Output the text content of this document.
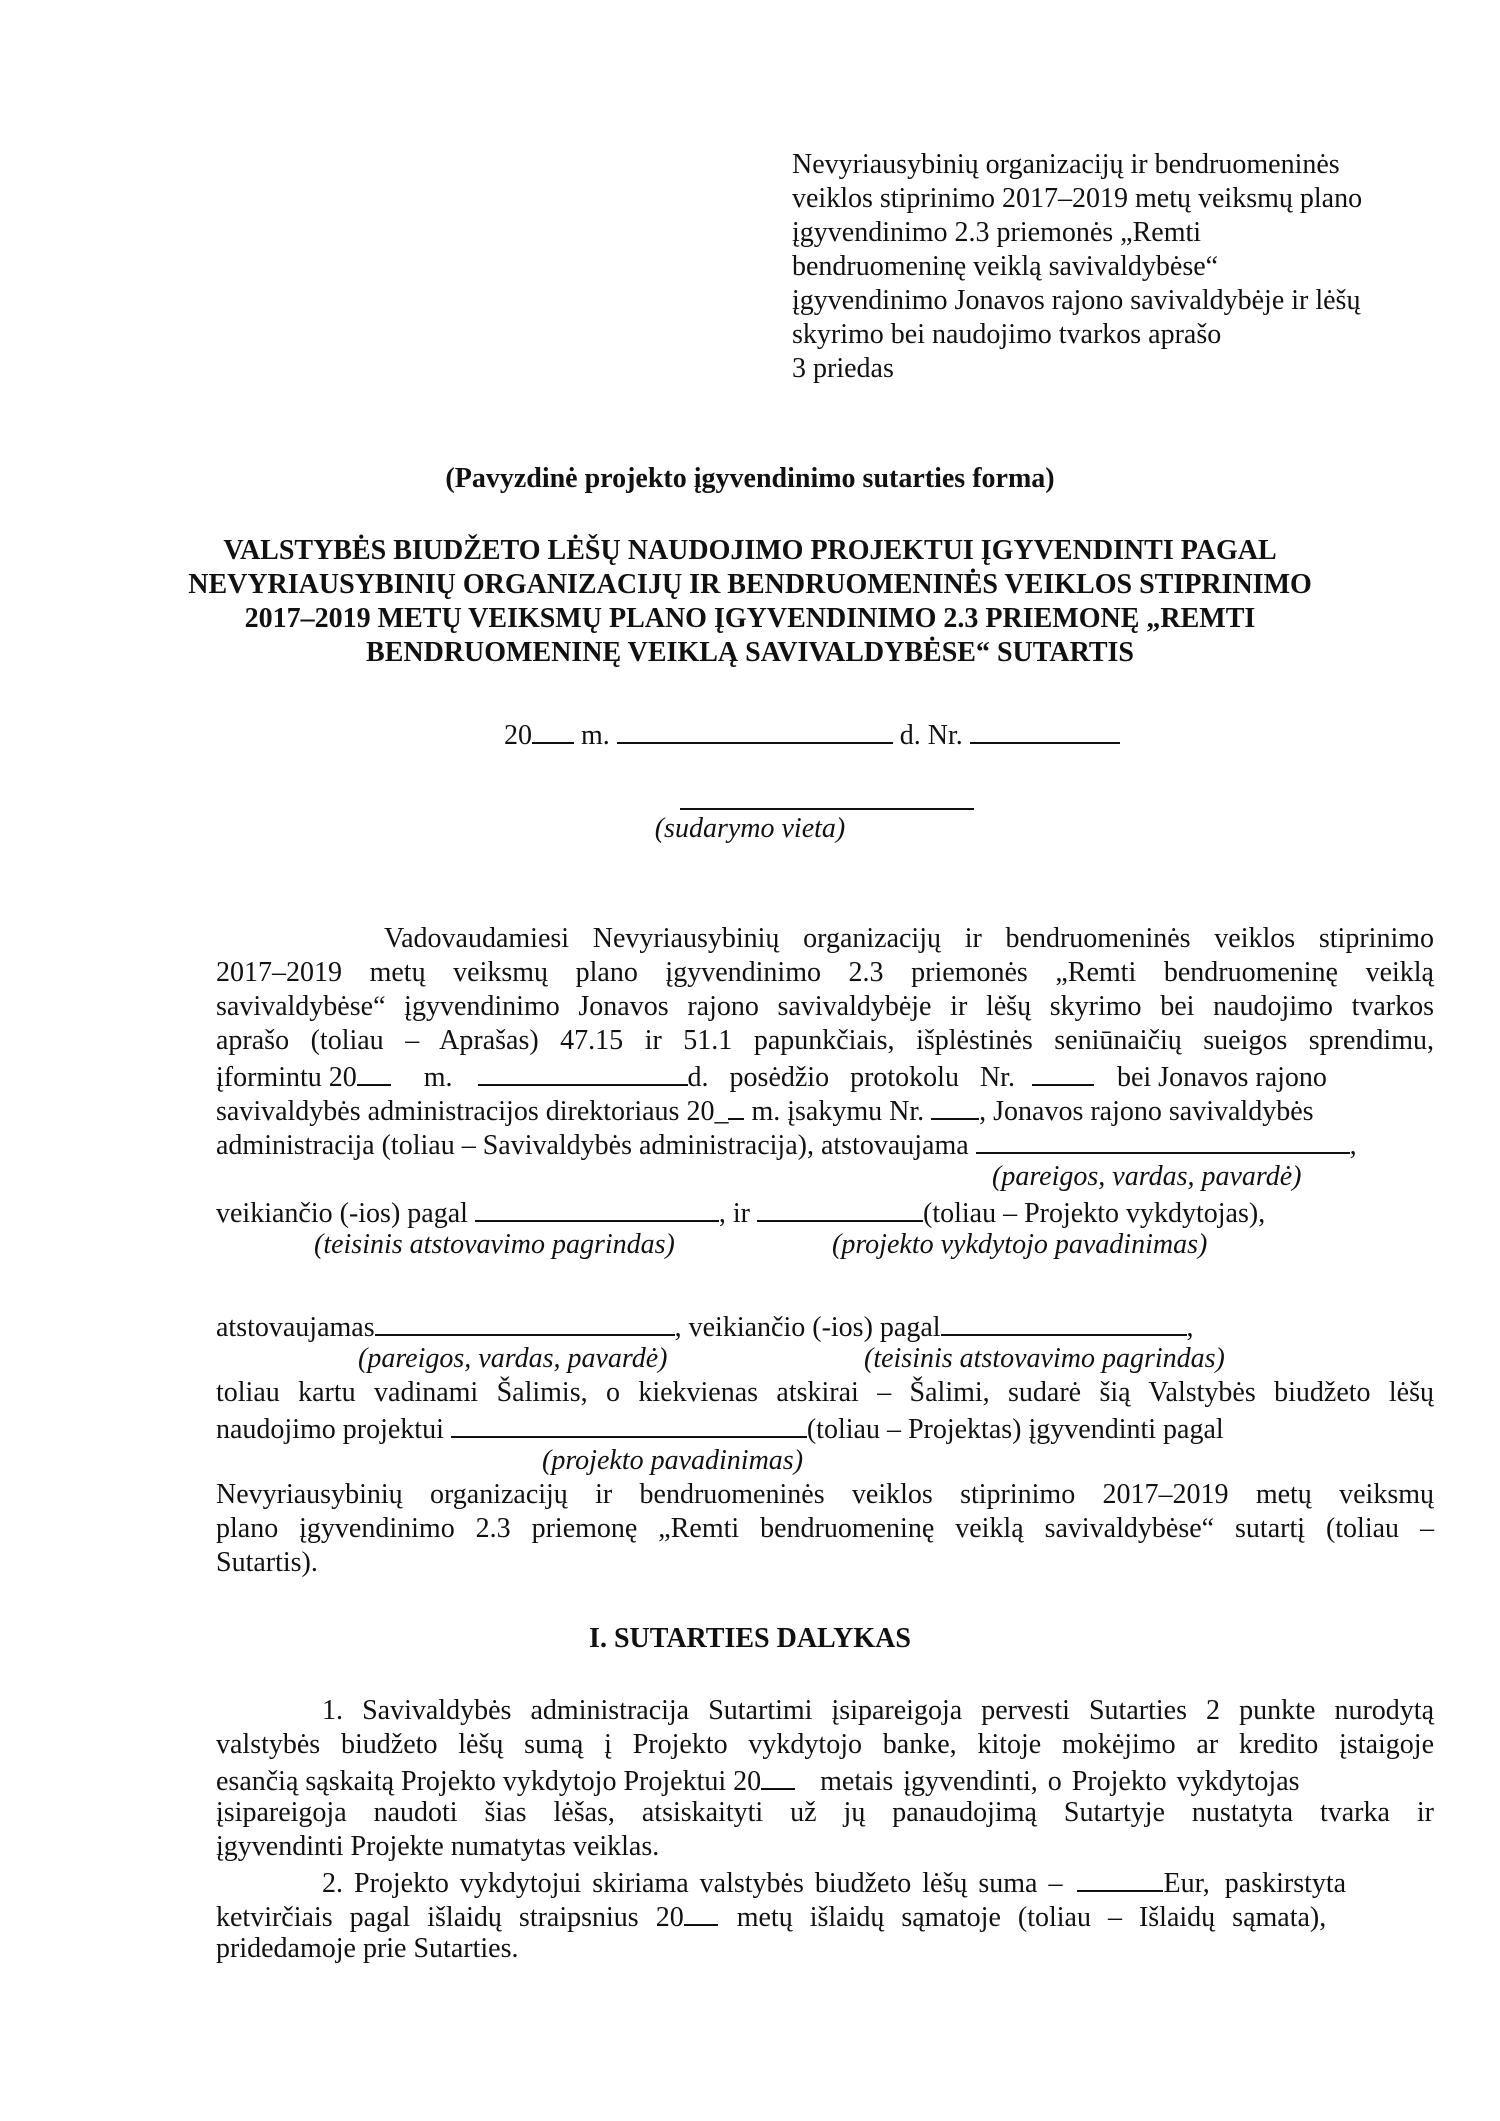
Nevyriausybinių organizacijų ir bendruomeninės
veiklos stiprinimo 2017–2019 metų veiksmų plano
įgyvendinimo 2.3 priemonės „Remti
bendruomeninę veiklą savivaldybėse“
įgyvendinimo Jonavos rajono savivaldybėje ir lėšų
skyrimo bei naudojimo tvarkos aprašo
3 priedas
(Pavyzdinė projekto įgyvendinimo sutarties forma)
VALSTYBĖS BIUDŽETO LĖŠŲ NAUDOJIMO PROJEKTUI ĮGYVENDINTI PAGAL
NEVYRIAUSYBINIŲ ORGANIZACIJŲ IR BENDRUOMENINĖS VEIKLOS STIPRINIMO
2017–2019 METŲ VEIKSMŲ PLANO ĮGYVENDINIMO 2.3 PRIEMONĘ „REMTI
BENDRUOMENINĘ VEIKLĄ SAVIVALDYBĖSE“ SUTARTIS
20 m.	d. Nr.
(sudarymo vieta)
Vadovaudamiesi Nevyriausybinių organizacijų ir bendruomeninės veiklos stiprinimo
2017–2019 metų veiksmų plano įgyvendinimo 2.3 priemonės „Remti bendruomeninę veiklą
savivaldybėse“ įgyvendinimo Jonavos rajono savivaldybėje ir lėšų skyrimo bei naudojimo tvarkos
aprašo (toliau – Aprašas) 47.15 ir 51.1 papunkčiais, išplėstinės seniūnaičių sueigos sprendimu,
įformintu 20 m.	d. posėdžio protokolu Nr.	bei Jonavos rajono
savivaldybės administracijos direktoriaus 20_ m. įsakymu Nr. , Jonavos rajono savivaldybės
administracija (toliau – Savivaldybės administracija), atstovaujama	,
(pareigos, vardas, pavardė)
veikiančio (-ios) pagal	, ir	(toliau – Projekto vykdytojas),
(teisinis atstovavimo pagrindas)	(projekto vykdytojo pavadinimas)
atstovaujamas	, veikiančio (-ios) pagal	,
(pareigos, vardas, pavardė)	(teisinis atstovavimo pagrindas)
toliau kartu vadinami Šalimis, o kiekvienas atskirai – Šalimi, sudarė šią Valstybės biudžeto lėšų
naudojimo projektui	(toliau – Projektas) įgyvendinti pagal
(projekto pavadinimas)
Nevyriausybinių organizacijų ir bendruomeninės veiklos stiprinimo 2017–2019 metų veiksmų
plano įgyvendinimo 2.3 priemonę „Remti bendruomeninę veiklą savivaldybėse“ sutartį (toliau –
Sutartis).
I. SUTARTIES DALYKAS
1. Savivaldybės administracija Sutartimi įsipareigoja pervesti Sutarties 2 punkte nurodytą
valstybės biudžeto lėšų sumą į Projekto vykdytojo banke, kitoje mokėjimo ar kredito įstaigoje
esančią sąskaitą Projekto vykdytojo Projektui 20 metais įgyvendinti, o Projekto vykdytojas
įsipareigoja naudoti šias lėšas, atsiskaityti už jų panaudojimą Sutartyje nustatyta tvarka ir
įgyvendinti Projekte numatytas veiklas.
2. Projekto vykdytojui skiriama valstybės biudžeto lėšų suma –	Eur, paskirstyta
ketvirčiais pagal išlaidų straipsnius 20 metų išlaidų sąmatoje (toliau – Išlaidų sąmata),
pridedamoje prie Sutarties.
